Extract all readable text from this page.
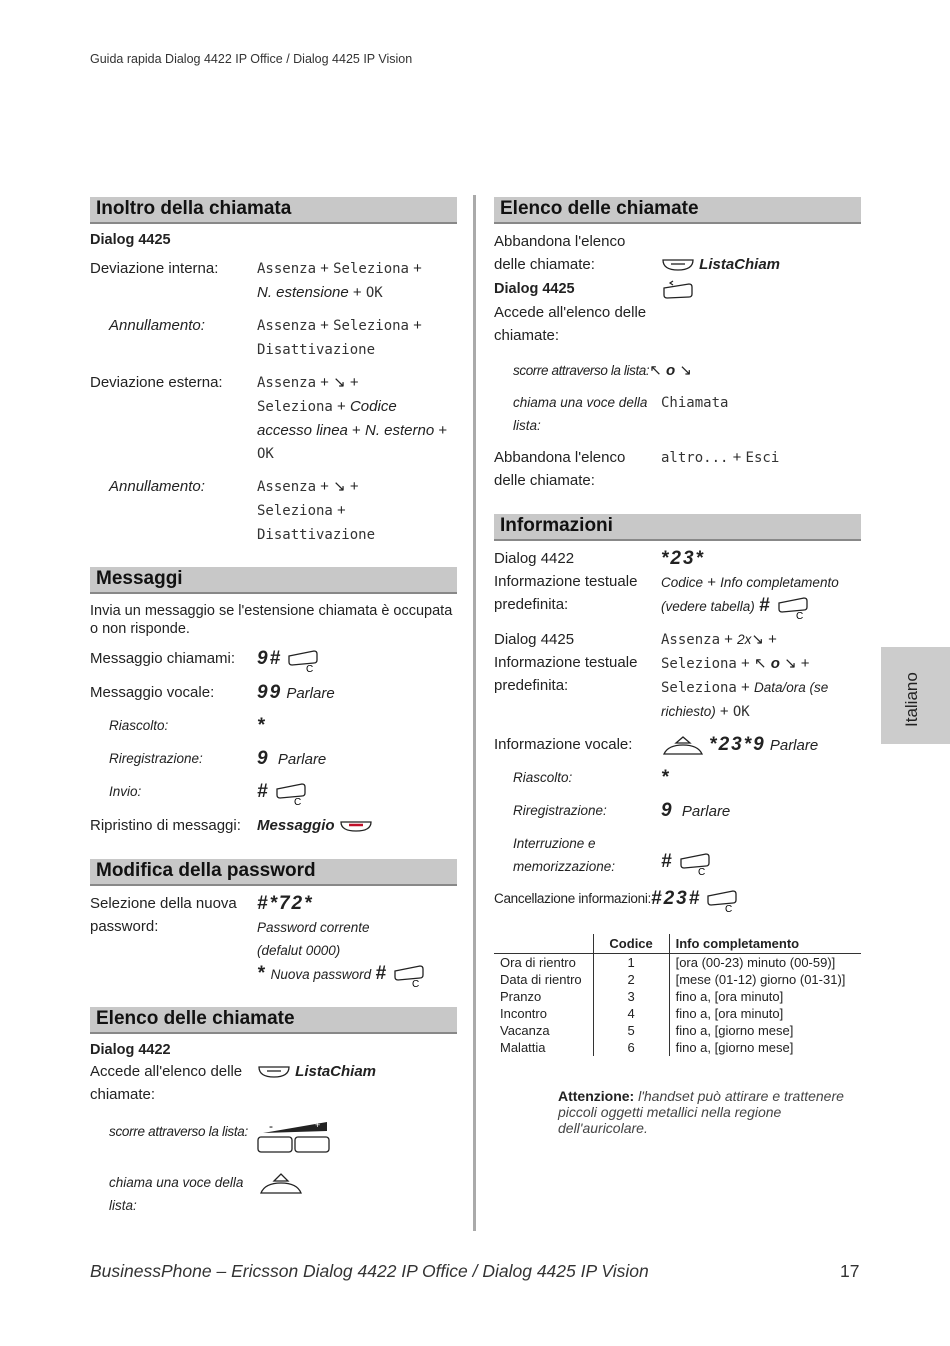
Guida rapida Dialog 4422 IP Office / Dialog 4425 IP Vision
Inoltro della chiamata
Dialog 4425
Deviazione interna:	Assenza + Seleziona +
N. estensione + OK
Annullamento:	Assenza + Seleziona +
Disattivazione
Deviazione esterna:	Assenza + ↘ +
Seleziona + Codice
accesso linea + N. esterno +
OK
Annullamento:	Assenza + ↘ +
Seleziona +
Disattivazione
Messaggi
Invia un messaggio se l'estensione chiamata è occupata o non risponde.
Messaggio chiamami:	9#
C
Messaggio vocale:	99 Parlare
Riascolto:	*
Riregistrazione:	9 Parlare
Invio:	#
C
Ripristino di messaggi:	Messaggio
Modifica della password
Selezione della nuova password:
#*72*
Password corrente
(defalut 0000)
* Nuova password #
C
Elenco delle chiamate
Dialog 4422
Accede all'elenco delle chiamate:
ListaChiam
scorre attraverso la lista:	-	+
chiama una voce della lista:
Elenco delle chiamate
Abbandona l'elenco delle chiamate:	ListaChiam
Dialog 4425
Accede all'elenco delle chiamate:
scorre attraverso la lista: ↖ o ↘
chiama una voce della lista:
Chiamata
Abbandona l'elenco delle chiamate:
altro... + Esci
Informazioni
Dialog 4422 Informazione testuale predefinita:
*23*
Codice + Info completamento
(vedere tabella) #
C
Dialog 4425 Informazione testuale predefinita:
Assenza + 2x↘ +
Seleziona + ↖ o ↘ +
Seleziona + Data/ora (se richiesto) + OK
Informazione vocale:	*23*9 Parlare
Riascolto:	*
Riregistrazione:	9 Parlare
Interruzione e memorizzazione:	#
C
Cancellazione informazioni: #23#
C
	Codice	Info completamento
Ora di rientro	1	[ora (00-23) minuto (00-59)]
Data di rientro	2	[mese (01-12) giorno (01-31)]
Pranzo	3	fino a, [ora minuto]
Incontro	4	fino a, [ora minuto]
Vacanza	5	fino a, [giorno mese]
Malattia	6	fino a, [giorno mese]
Attenzione: l'handset può attirare e trattenere piccoli oggetti metallici nella regione dell'auricolare.
Italiano
BusinessPhone – Ericsson Dialog 4422 IP Office / Dialog 4425 IP Vision	17
